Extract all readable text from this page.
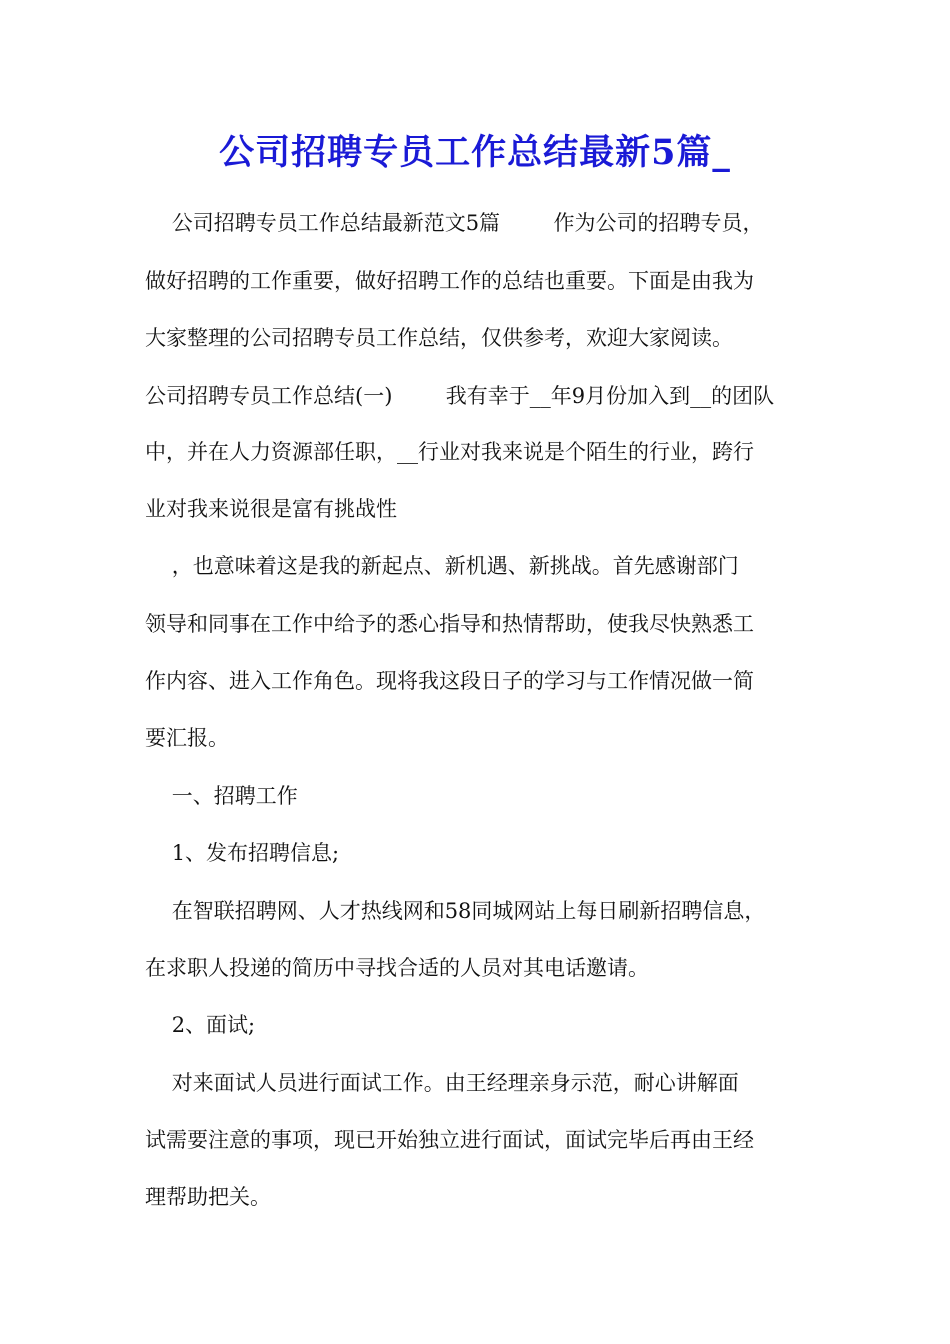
公司招聘专员工作总结最新5篇_

公司招聘专员工作总结最新范文5篇        作为公司的招聘专员，

做好招聘的工作重要，做好招聘工作的总结也重要。下面是由我为

大家整理的公司招聘专员工作总结，仅供参考，欢迎大家阅读。

公司招聘专员工作总结(一)        我有幸于__年9月份加入到__的团队

中，并在人力资源部任职，__行业对我来说是个陌生的行业，跨行

业对我来说很是富有挑战性

，也意味着这是我的新起点、新机遇、新挑战。首先感谢部门

领导和同事在工作中给予的悉心指导和热情帮助，使我尽快熟悉工

作内容、进入工作角色。现将我这段日子的学习与工作情况做一简

要汇报。

一、招聘工作

1、发布招聘信息;

在智联招聘网、人才热线网和58同城网站上每日刷新招聘信息，

在求职人投递的简历中寻找合适的人员对其电话邀请。

2、面试;

对来面试人员进行面试工作。由王经理亲身示范，耐心讲解面

试需要注意的事项，现已开始独立进行面试，面试完毕后再由王经

理帮助把关。
